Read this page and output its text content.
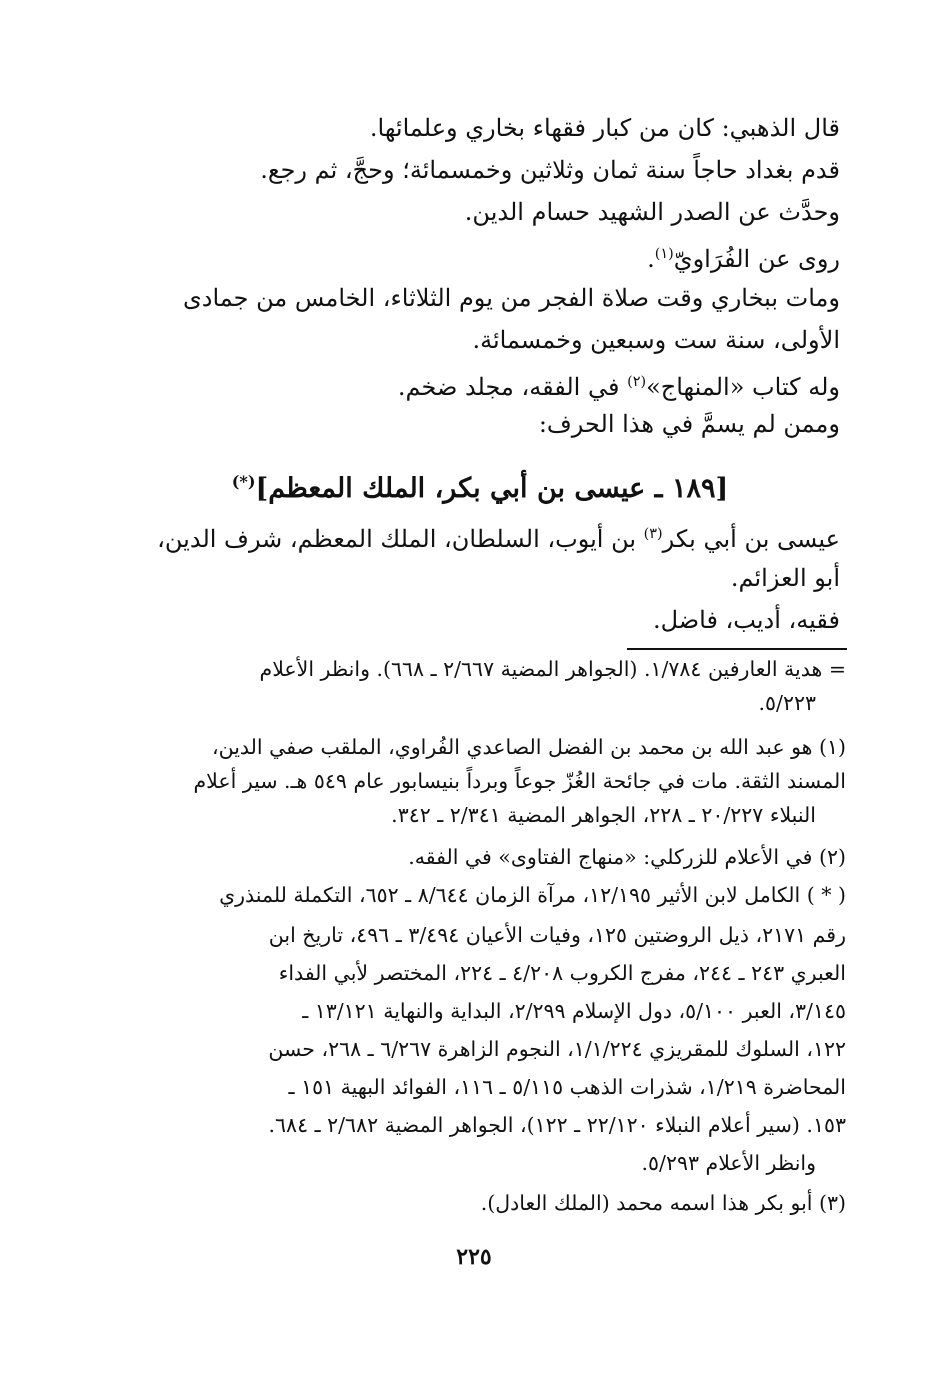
قال الذهبي: كان من كبار فقهاء بخاري وعلمائها.
قدم بغداد حاجاً سنة ثمان وثلاثين وخمسمائة؛ وحجَّ، ثم رجع.
وحدَّث عن الصدر الشهيد حسام الدين.
روى عن الفُرَاويّ$^{(١)}$.
ومات ببخاري وقت صلاة الفجر من يوم الثلاثاء، الخامس من جمادى
الأولى، سنة ست وسبعين وخمسمائة.
وله كتاب «المنهاج»$^{(٢)}$ في الفقه، مجلد ضخم.
وممن لم يسمَّ في هذا الحرف:
[١٨٩ ـ عيسى بن أبي بكر، الملك المعظم](*)
عيسى بن أبي بكر$^{(٣)}$ بن أيوب، السلطان، الملك المعظم، شرف الدين،
أبو العزائم.
فقيه، أديب، فاضل.
= هدية العارفين ١/٧٨٤. (الجواهر المضية ٢/٦٦٧ ـ ٦٦٨). وانظر الأعلام
٥/٢٢٣.
(١) هو عبد الله بن محمد بن الفضل الصاعدي الفُراوي، الملقب صفي الدين،
المسند الثقة. مات في جائحة الغُزّ جوعاً وبرداً بنيسابور عام ٥٤٩ هـ. سير أعلام
النبلاء ٢٠/٢٢٧ ـ ٢٢٨، الجواهر المضية ٢/٣٤١ ـ ٣٤٢.
(٢) في الأعلام للزركلي: «منهاج الفتاوى» في الفقه.
( * ) الكامل لابن الأثير ١٢/١٩٥، مرآة الزمان ٨/٦٤٤ ـ ٦٥٢، التكملة للمنذري
رقم ٢١٧١، ذيل الروضتين ١٢٥، وفيات الأعيان ٣/٤٩٤ ـ ٤٩٦، تاريخ ابن
العبري ٢٤٣ ـ ٢٤٤، مفرج الكروب ٤/٢٠٨ ـ ٢٢٤، المختصر لأبي الفداء
٣/١٤٥، العبر ٥/١٠٠، دول الإسلام ٢/٢٩٩، البداية والنهاية ١٣/١٢١ ـ
١٢٢، السلوك للمقريزي ١/١/٢٢٤، النجوم الزاهرة ٦/٢٦٧ ـ ٢٦٨، حسن
المحاضرة ١/٢١٩، شذرات الذهب ٥/١١٥ ـ ١١٦، الفوائد البهية ١٥١ ـ
١٥٣. (سير أعلام النبلاء ٢٢/١٢٠ ـ ١٢٢)، الجواهر المضية ٢/٦٨٢ ـ ٦٨٤.
وانظر الأعلام ٥/٢٩٣.
(٣) أبو بكر هذا اسمه محمد (الملك العادل).
٢٢٥
